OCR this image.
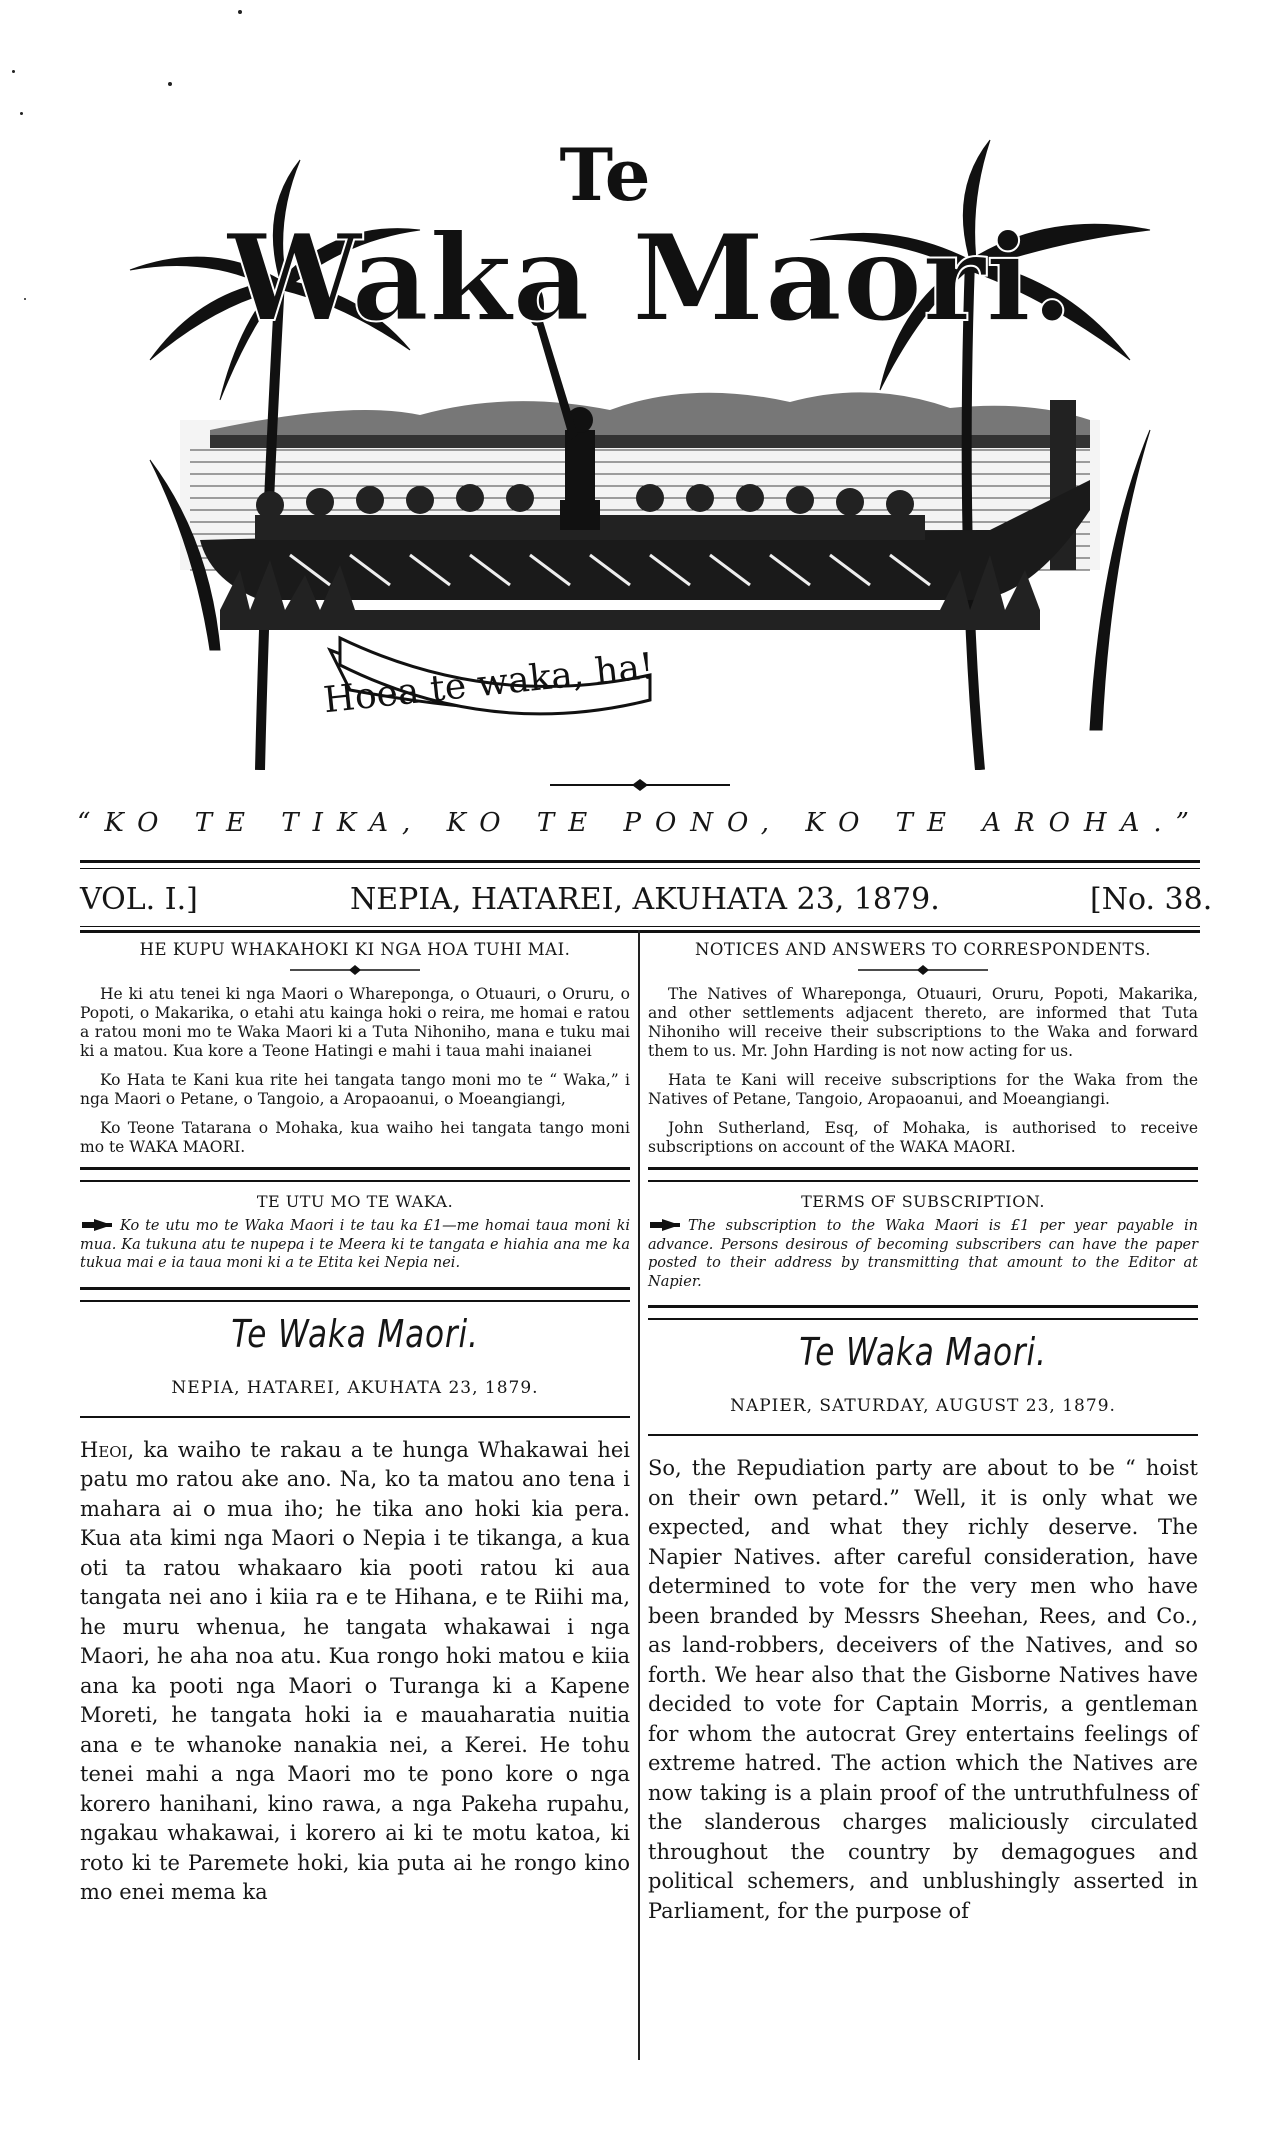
Te
Waka Maori.
Hoea te waka, ha!
“KO TE TIKA, KO TE PONO, KO TE AROHA.”
VOL. I.]	NEPIA, HATAREI, AKUHATA 23, 1879.	[No. 38.

HE KUPU WHAKAHOKI KI NGA HOA TUHI MAI.

He ki atu tenei ki nga Maori o Whareponga, o Otuauri, o Oruru, o Popoti, o Makarika, o etahi atu kainga hoki o reira, me homai e ratou a ratou moni mo te Waka Maori ki a Tuta Nihoniho, mana e tuku mai ki a matou. Kua kore a Teone Hatingi e mahi i taua mahi inaianei

Ko Hata te Kani kua rite hei tangata tango moni mo te “ Waka,” i nga Maori o Petane, o Tangoio, a Aropaoanui, o Moeangiangi,

Ko Teone Tatarana o Mohaka, kua waiho hei tangata tango moni mo te WAKA MAORI.

TE UTU MO TE WAKA.

Ko te utu mo te Waka Maori i te tau ka £1—me homai taua moni ki mua. Ka tukuna atu te nupepa i te Meera ki te tangata e hiahia ana me ka tukua mai e ia taua moni ki a te Etita kei Nepia nei.

Te Waka Maori.

NEPIA, HATAREI, AKUHATA 23, 1879.

Heoi, ka waiho te rakau a te hunga Whakawai hei patu mo ratou ake ano. Na, ko ta matou ano tena i mahara ai o mua iho; he tika ano hoki kia pera. Kua ata kimi nga Maori o Nepia i te tikanga, a kua oti ta ratou whakaaro kia pooti ratou ki aua tangata nei ano i kiia ra e te Hihana, e te Riihi ma, he muru whenua, he tangata whakawai i nga Maori, he aha noa atu. Kua rongo hoki matou e kiia ana ka pooti nga Maori o Turanga ki a Kapene Moreti, he tangata hoki ia e mauaharatia nuitia ana e te whanoke nanakia nei, a Kerei. He tohu tenei mahi a nga Maori mo te pono kore o nga korero hanihani, kino rawa, a nga Pakeha rupahu, ngakau whakawai, i korero ai ki te motu katoa, ki roto ki te Paremete hoki, kia puta ai he rongo kino mo enei mema ka

NOTICES AND ANSWERS TO CORRESPONDENTS.

The Natives of Whareponga, Otuauri, Oruru, Popoti, Makarika, and other settlements adjacent thereto, are informed that Tuta Nihoniho will receive their subscriptions to the Waka and forward them to us. Mr. John Harding is not now acting for us.

Hata te Kani will receive subscriptions for the Waka from the Natives of Petane, Tangoio, Aropaoanui, and Moeangiangi.

John Sutherland, Esq, of Mohaka, is authorised to receive subscriptions on account of the WAKA MAORI.

TERMS OF SUBSCRIPTION.

The subscription to the Waka Maori is £1 per year payable in advance. Persons desirous of becoming subscribers can have the paper posted to their address by transmitting that amount to the Editor at Napier.

Te Waka Maori.

NAPIER, SATURDAY, AUGUST 23, 1879.

So, the Repudiation party are about to be “ hoist on their own petard.” Well, it is only what we expected, and what they richly deserve. The Napier Natives. after careful consideration, have determined to vote for the very men who have been branded by Messrs Sheehan, Rees, and Co., as land-robbers, deceivers of the Natives, and so forth. We hear also that the Gisborne Natives have decided to vote for Captain Morris, a gentleman for whom the autocrat Grey entertains feelings of extreme hatred. The action which the Natives are now taking is a plain proof of the untruthfulness of the slanderous charges maliciously circulated throughout the country by demagogues and political schemers, and unblushingly asserted in Parliament, for the purpose of
